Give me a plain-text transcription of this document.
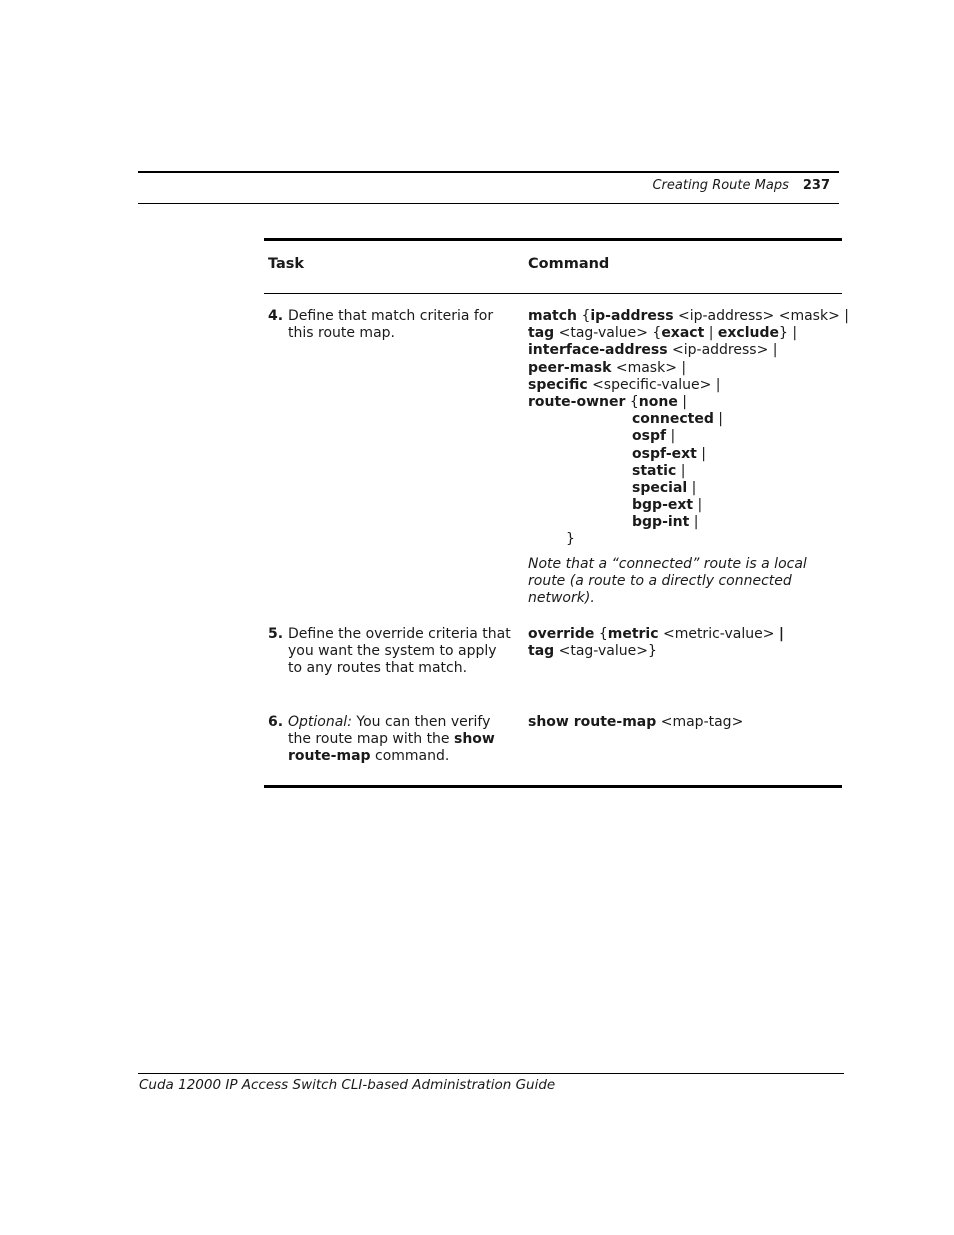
Creating Route Maps 237
Task	Command
4. Define that match criteria for this route map.
match {ip-address <ip-address> <mask> |
tag <tag-value> {exact | exclude} |
interface-address <ip-address> |
peer-mask <mask> |
specific <specific-value> |
route-owner {none |
connected |
ospf |
ospf-ext |
static |
special |
bgp-ext |
bgp-int |
}
Note that a “connected” route is a local route (a route to a directly connected network).
5. Define the override criteria that you want the system to apply to any routes that match.
override {metric <metric-value> |
tag <tag-value>}
6. Optional: You can then verify the route map with the show route-map command.
show route-map <map-tag>
Cuda 12000 IP Access Switch CLI-based Administration Guide
